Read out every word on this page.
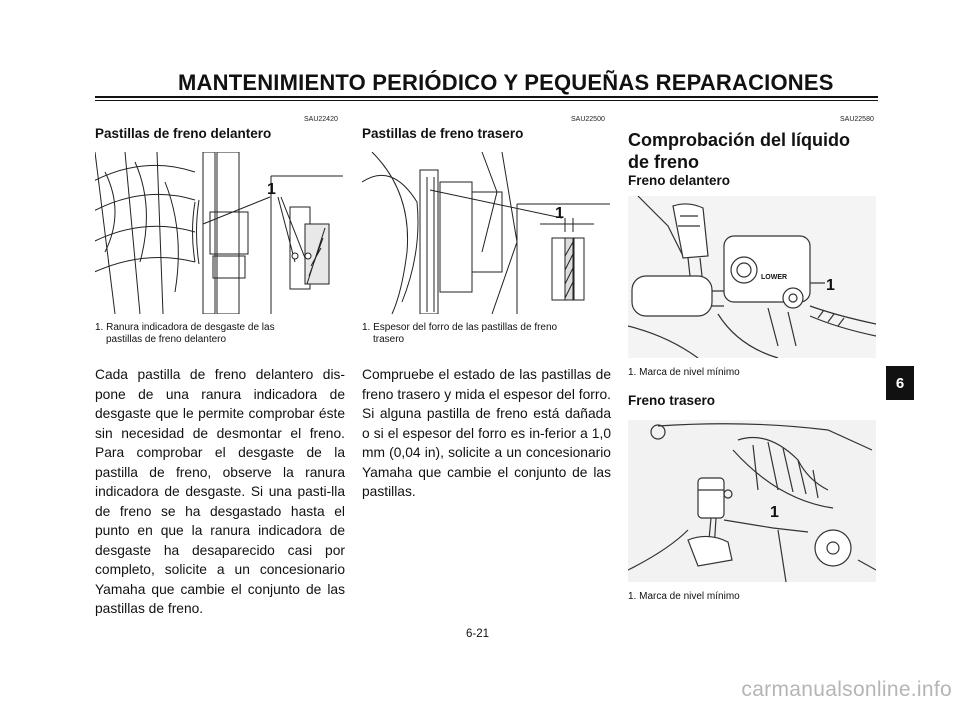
MANTENIMIENTO PERIÓDICO Y PEQUEÑAS REPARACIONES
SAU22420
Pastillas de freno delantero
1
1. Ranura indicadora de desgaste de las
pastillas de freno delantero

Cada pastilla de freno delantero dis-pone de una ranura indicadora de desgaste que le permite comprobar éste sin necesidad de desmontar el freno. Para comprobar el desgaste de la pastilla de freno, observe la ranura indicadora de desgaste. Si una pasti-lla de freno se ha desgastado hasta el punto en que la ranura indicadora de desgaste ha desaparecido casi por completo, solicite a un concesionario Yamaha que cambie el conjunto de las pastillas de freno.

SAU22500
Pastillas de freno trasero
1
1. Espesor del forro de las pastillas de freno
trasero

Compruebe el estado de las pastillas de freno trasero y mida el espesor del forro. Si alguna pastilla de freno está dañada o si el espesor del forro es in-ferior a 1,0 mm (0,04 in), solicite a un concesionario Yamaha que cambie el conjunto de las pastillas.

SAU22580
Comprobación del líquido
de freno
Freno delantero
LOWER 1
1. Marca de nivel mínimo
Freno trasero
1
1. Marca de nivel mínimo
6
6-21
carmanualsonline.info
